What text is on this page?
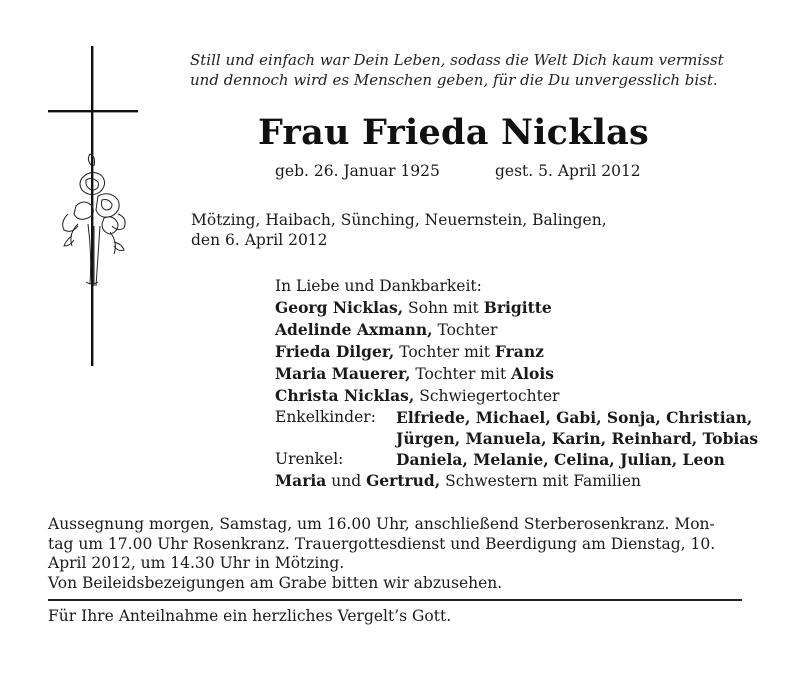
Still und einfach war Dein Leben, sodass die Welt Dich kaum vermisst
und dennoch wird es Menschen geben, für die Du unvergesslich bist.
Frau Frieda Nicklas
geb. 26. Januar 1925	gest. 5. April 2012
Mötzing, Haibach, Sünching, Neuernstein, Balingen,
den 6. April 2012
In Liebe und Dankbarkeit:
Georg Nicklas, Sohn mit Brigitte
Adelinde Axmann, Tochter
Frieda Dilger, Tochter mit Franz
Maria Mauerer, Tochter mit Alois
Christa Nicklas, Schwiegertochter
Enkelkinder: Elfriede, Michael, Gabi, Sonja, Christian,
Jürgen, Manuela, Karin, Reinhard, Tobias
Urenkel:	Daniela, Melanie, Celina, Julian, Leon
Maria und Gertrud, Schwestern mit Familien

Aussegnung morgen, Samstag, um 16.00 Uhr, anschließend Sterberosenkranz. Mon-

tag um 17.00 Uhr Rosenkranz. Trauergottesdienst und Beerdigung am Dienstag, 10.

April 2012, um 14.30 Uhr in Mötzing.

Von Beileidsbezeigungen am Grabe bitten wir abzusehen.

Für Ihre Anteilnahme ein herzliches Vergelt’s Gott.
